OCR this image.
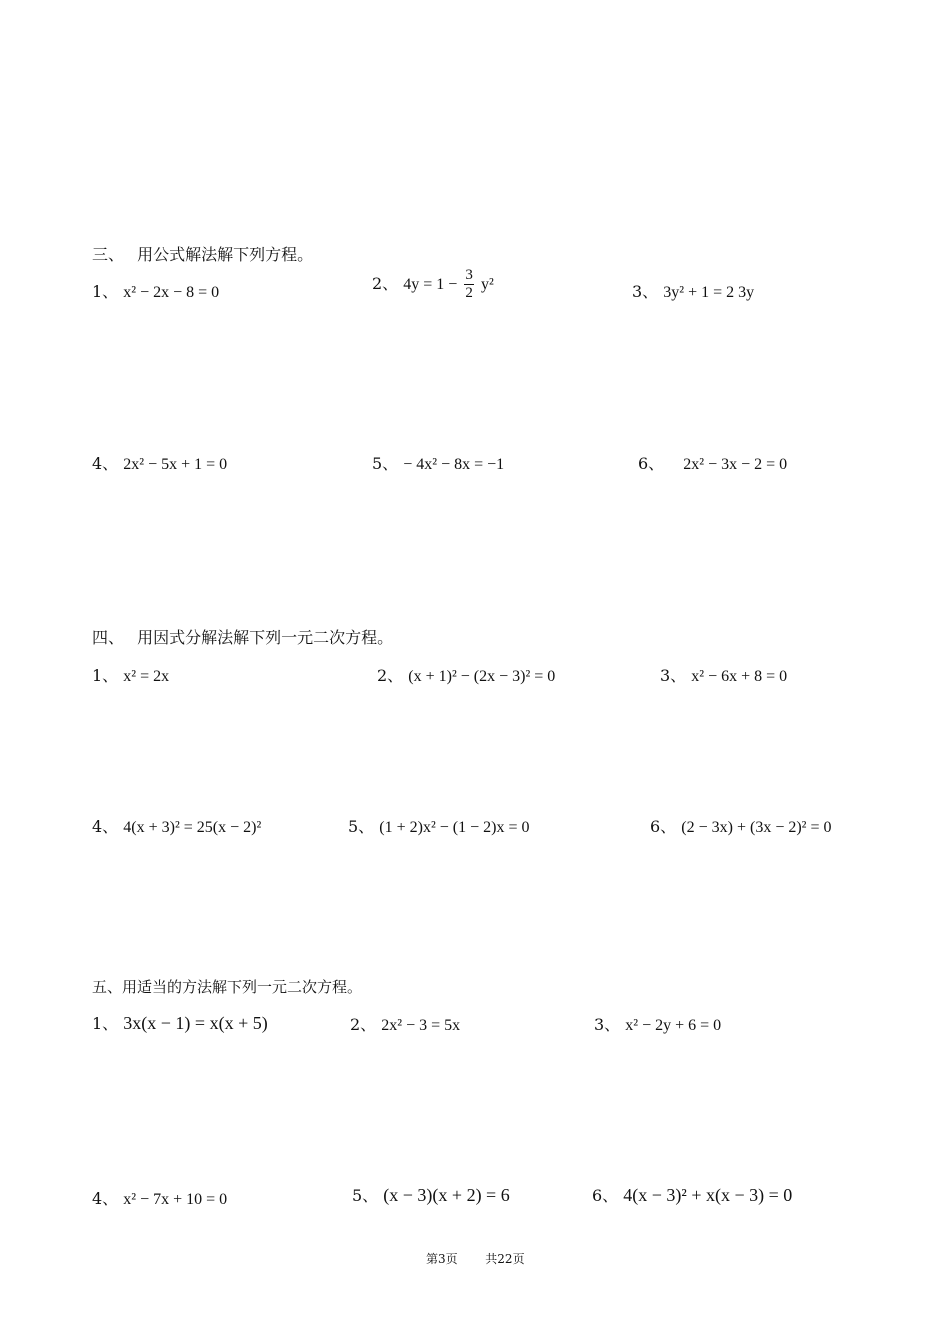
三、　 用公式解法解下列方程。
1、 x² − 2x − 8 = 0	2、 $4y = 1 - \frac{3}{2} y^2$	3、 3y² + 1 = 2 3y
4、 2x² − 5x + 1 = 0	5、 − 4x² − 8x = −1	6、 2x² − 3x − 2 = 0
四、　 用因式分解法解下列一元二次方程。
1、 x² = 2x	2、 (x + 1)² − (2x − 3)² = 0	3、 x² − 6x + 8 = 0
4、 4(x + 3)² = 25(x − 2)²	5、 (1 + 2)x² − (1 − 2)x = 0	6、 (2 − 3x) + (3x − 2)² = 0
五、用适当的方法解下列一元二次方程。
1、 3x(x − 1) = x(x + 5)	2、 2x² − 3 = 5x	3、 x² − 2y + 6 = 0
4、 x² − 7x + 10 = 0	5、 (x − 3)(x + 2) = 6	6、 4(x − 3)² + x(x − 3) = 0
第3页 共22页
